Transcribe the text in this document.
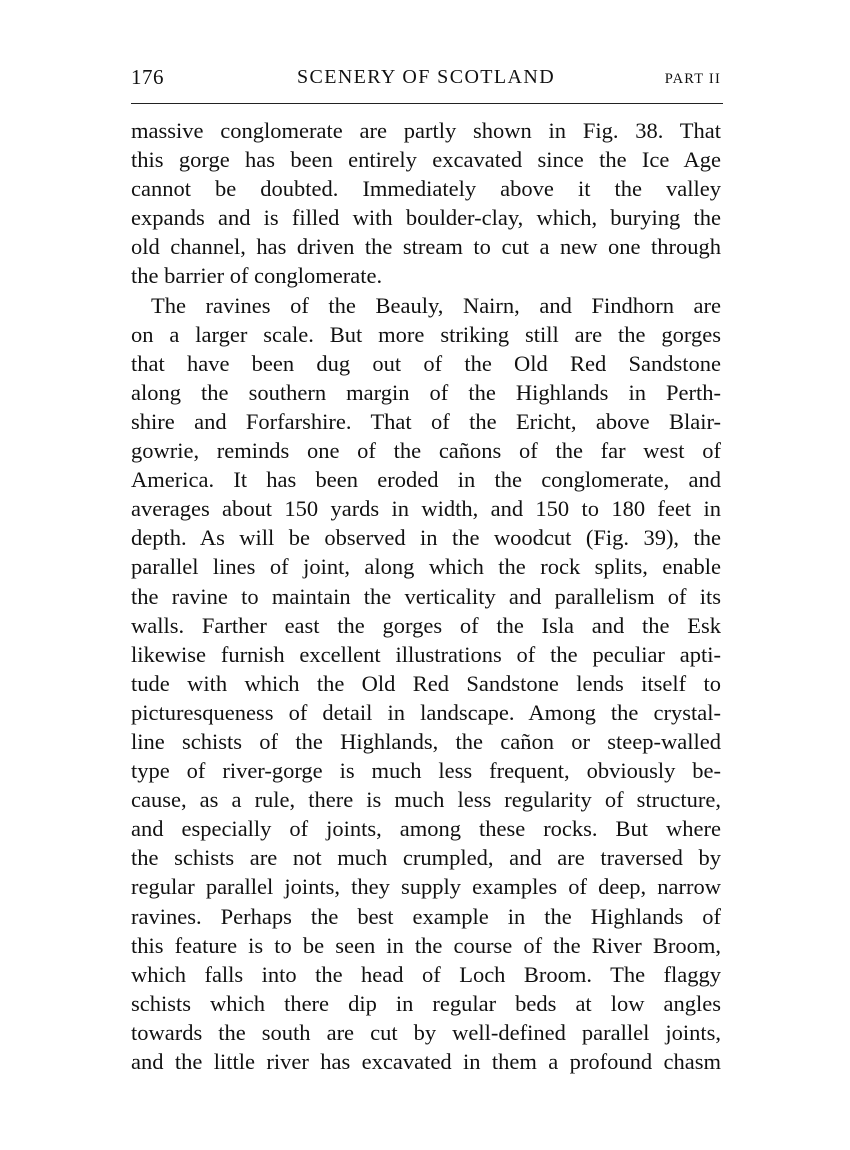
176	SCENERY OF SCOTLAND	PART II
massive conglomerate are partly shown in Fig. 38. That
this gorge has been entirely excavated since the Ice Age
cannot be doubted. Immediately above it the valley
expands and is filled with boulder-clay, which, burying the
old channel, has driven the stream to cut a new one through
the barrier of conglomerate.
The ravines of the Beauly, Nairn, and Findhorn are
on a larger scale. But more striking still are the gorges
that have been dug out of the Old Red Sandstone
along the southern margin of the Highlands in Perth-
shire and Forfarshire. That of the Ericht, above Blair-
gowrie, reminds one of the cañons of the far west of
America. It has been eroded in the conglomerate, and
averages about 150 yards in width, and 150 to 180 feet in
depth. As will be observed in the woodcut (Fig. 39), the
parallel lines of joint, along which the rock splits, enable
the ravine to maintain the verticality and parallelism of its
walls. Farther east the gorges of the Isla and the Esk
likewise furnish excellent illustrations of the peculiar apti-
tude with which the Old Red Sandstone lends itself to
picturesqueness of detail in landscape. Among the crystal-
line schists of the Highlands, the cañon or steep-walled
type of river-gorge is much less frequent, obviously be-
cause, as a rule, there is much less regularity of structure,
and especially of joints, among these rocks. But where
the schists are not much crumpled, and are traversed by
regular parallel joints, they supply examples of deep, narrow
ravines. Perhaps the best example in the Highlands of
this feature is to be seen in the course of the River Broom,
which falls into the head of Loch Broom. The flaggy
schists which there dip in regular beds at low angles
towards the south are cut by well-defined parallel joints,
and the little river has excavated in them a profound chasm
